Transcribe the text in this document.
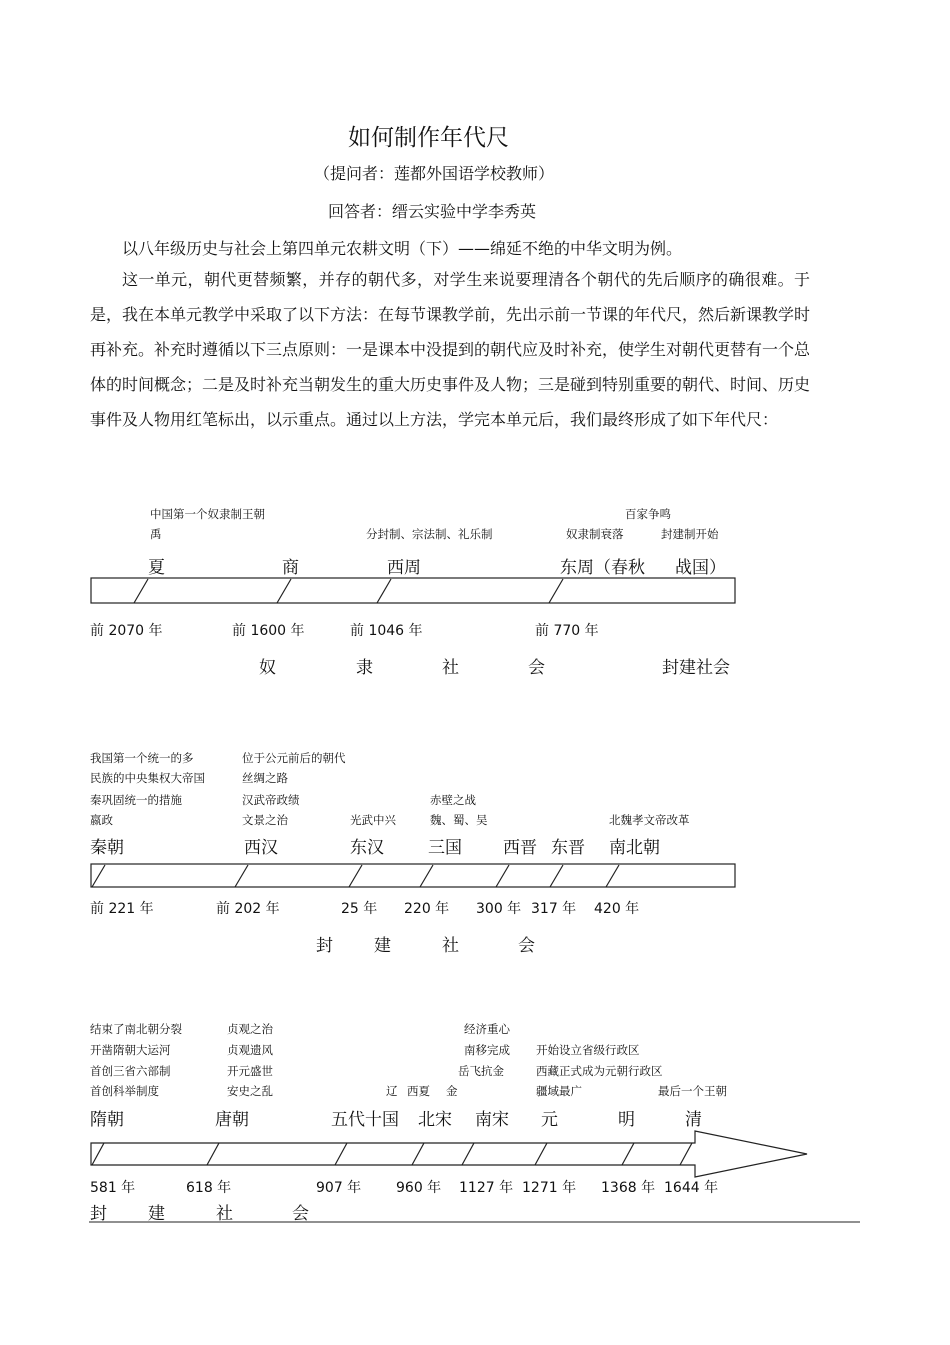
如何制作年代尺
（提问者：莲都外国语学校教师）
回答者：缙云实验中学李秀英
以八年级历史与社会上第四单元农耕文明（下）——绵延不绝的中华文明为例。
这一单元，朝代更替频繁，并存的朝代多，对学生来说要理清各个朝代的先后顺序的确很难。于是，我在本单元教学中采取了以下方法：在每节课教学前，先出示前一节课的年代尺，然后新课教学时再补充。补充时遵循以下三点原则：一是课本中没提到的朝代应及时补充，使学生对朝代更替有一个总体的时间概念；二是及时补充当朝发生的重大历史事件及人物；三是碰到特别重要的朝代、时间、历史事件及人物用红笔标出，以示重点。通过以上方法，学完本单元后，我们最终形成了如下年代尺：
中国第一个奴隶制王朝
禹	分封制、宗法制、礼乐制
百家争鸣
奴隶制衰落	封建制开始
夏	商	西周	东周（春秋 战国）
前 2070 年	前 1600 年	前 1046 年	前 770 年
奴	隶	社	会	封建社会
我国第一个统一的多
民族的中央集权大帝国
秦巩固统一的措施
嬴政
位于公元前后的朝代
丝绸之路
汉武帝政绩
文景之治	光武中兴
赤壁之战
魏、蜀、吴	北魏孝文帝改革
秦朝	西汉	东汉	三国 西晋 东晋 南北朝
前 221 年	前 202 年	25 年 220 年 300 年 317 年 420 年
封 建	社	会
结束了南北朝分裂
开凿隋朝大运河
首创三省六部制
首创科举制度
贞观之治
贞观遗风
开元盛世
安史之乱	辽 西夏 金
经济重心
南移完成
岳飞抗金
开始设立省级行政区
西藏正式成为元朝行政区
疆域最广	最后一个王朝
隋朝	唐朝	五代十国 北宋 南宋 元	明	清
581 年	618 年	907 年 960 年 1127 年 1271 年 1368 年 1644 年
封 建	社	会
